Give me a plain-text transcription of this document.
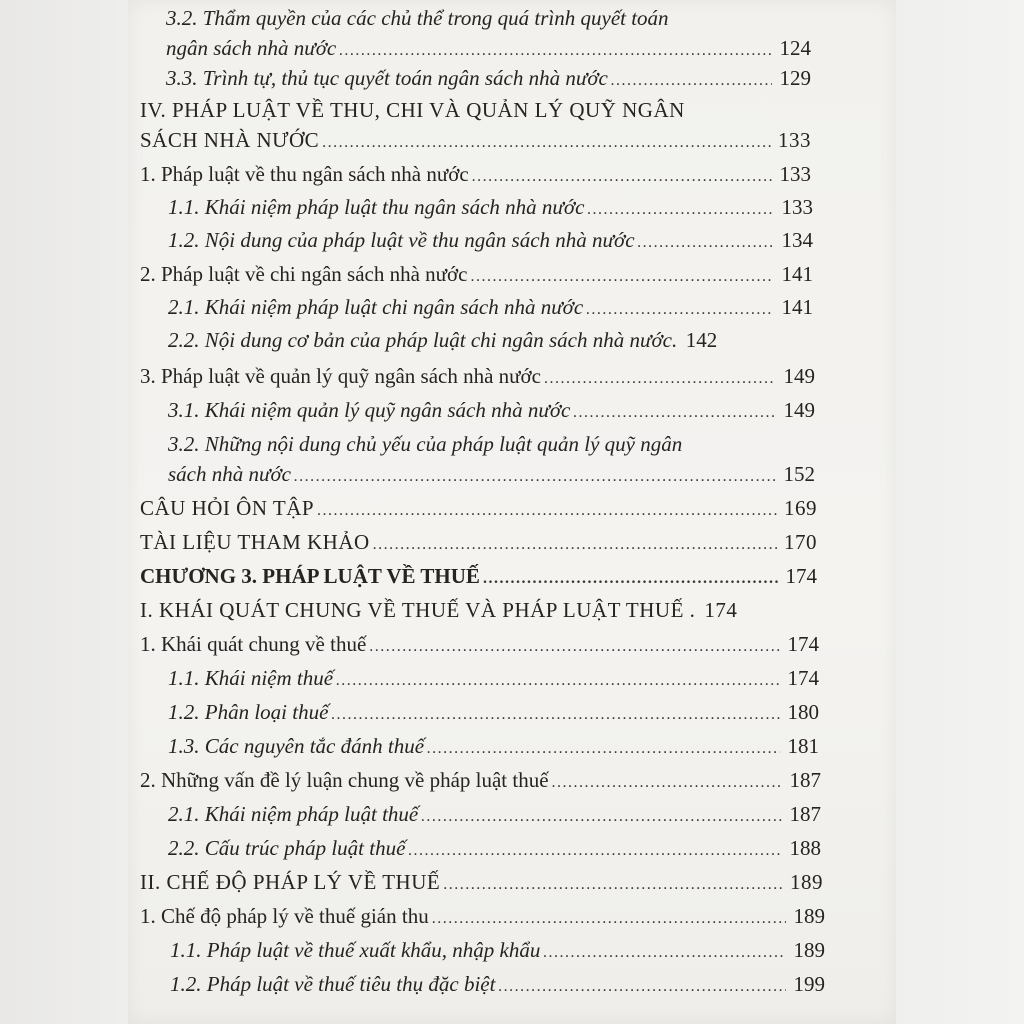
3.2. Thẩm quyền của các chủ thể trong quá trình quyết toán
ngân sách nhà nước .....	124
3.3. Trình tự, thủ tục quyết toán ngân sách nhà nước .....	129
IV. PHÁP LUẬT VỀ THU, CHI VÀ QUẢN LÝ QUỸ NGÂN
SÁCH NHÀ NƯỚC .....	133
1. Pháp luật về thu ngân sách nhà nước .....	133
1.1. Khái niệm pháp luật thu ngân sách nhà nước .....	133
1.2. Nội dung của pháp luật về thu ngân sách nhà nước .....	134
2. Pháp luật về chi ngân sách nhà nước .....	141
2.1. Khái niệm pháp luật chi ngân sách nhà nước .....	141
2.2. Nội dung cơ bản của pháp luật chi ngân sách nhà nước. 142
3. Pháp luật về quản lý quỹ ngân sách nhà nước .....	149
3.1. Khái niệm quản lý quỹ ngân sách nhà nước .....	149
3.2. Những nội dung chủ yếu của pháp luật quản lý quỹ ngân
sách nhà nước .....	152
CÂU HỎI ÔN TẬP .....	169
TÀI LIỆU THAM KHẢO .....	170
CHƯƠNG 3. PHÁP LUẬT VỀ THUẾ .....	174
I. KHÁI QUÁT CHUNG VỀ THUẾ VÀ PHÁP LUẬT THUẾ . 174
1. Khái quát chung về thuế .....	174
1.1. Khái niệm thuế .....	174
1.2. Phân loại thuế .....	180
1.3. Các nguyên tắc đánh thuế .....	181
2. Những vấn đề lý luận chung về pháp luật thuế .....	187
2.1. Khái niệm pháp luật thuế .....	187
2.2. Cấu trúc pháp luật thuế .....	188
II. CHẾ ĐỘ PHÁP LÝ VỀ THUẾ .....	189
1. Chế độ pháp lý về thuế gián thu .....	189
1.1. Pháp luật về thuế xuất khẩu, nhập khẩu .....	189
1.2. Pháp luật về thuế tiêu thụ đặc biệt .....	199
